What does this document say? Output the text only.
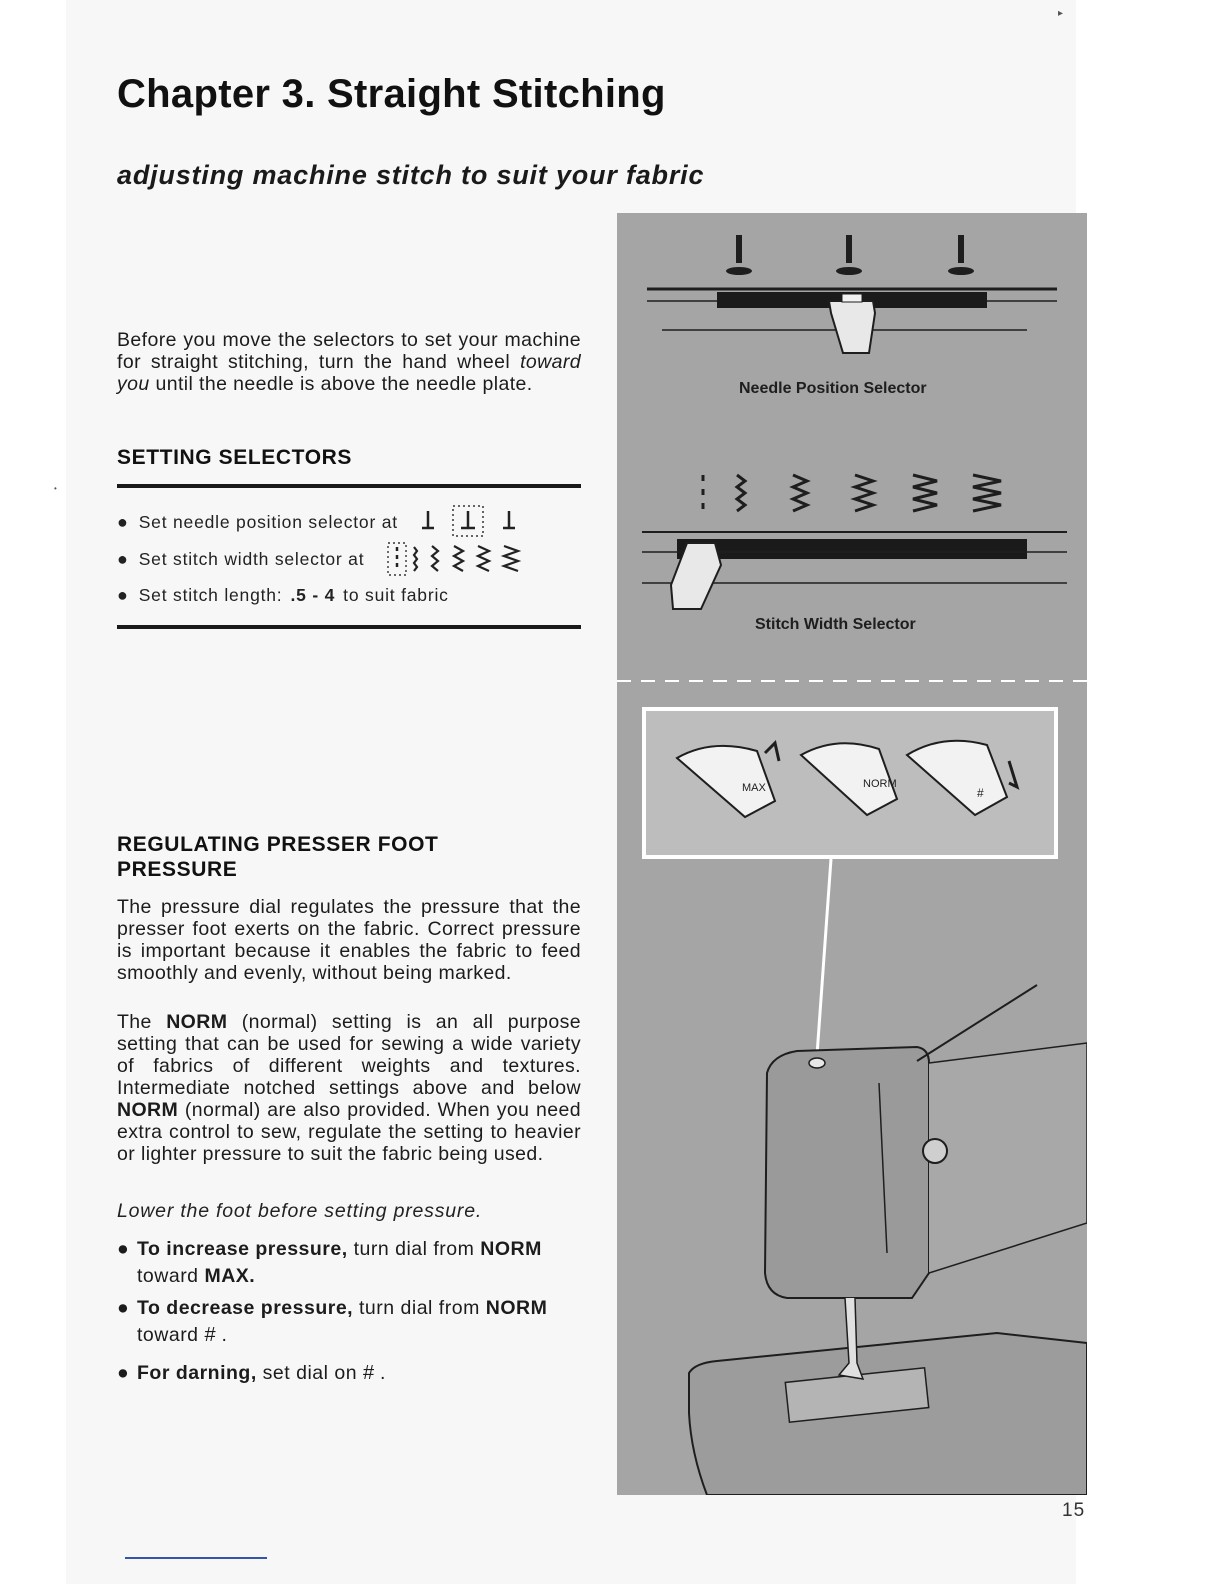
▸
•
Chapter 3. Straight Stitching
adjusting machine stitch to suit your fabric
Before you move the selectors to set your machine for straight stitching, turn the hand wheel toward you until the needle is above the needle plate.
SETTING SELECTORS
● Set needle position selector at
● Set stitch width selector at
● Set stitch length: .5 - 4 to suit fabric
REGULATING PRESSER FOOT PRESSURE
The pressure dial regulates the pressure that the presser foot exerts on the fabric. Correct pressure is important because it enables the fabric to feed smoothly and evenly, without being marked.
The NORM (normal) setting is an all purpose setting that can be used for sewing a wide variety of fabrics of different weights and textures. Intermediate notched settings above and below NORM (normal) are also provided. When you need extra control to sew, regulate the setting to heavier or lighter pressure to suit the fabric being used.
Lower the foot before setting pressure.
● To increase pressure, turn dial from NORM
toward MAX.
● To decrease pressure, turn dial from NORM
toward # .
● For darning, set dial on # .
Needle Position Selector
Stitch Width Selector
MAX	NORM
#
15
